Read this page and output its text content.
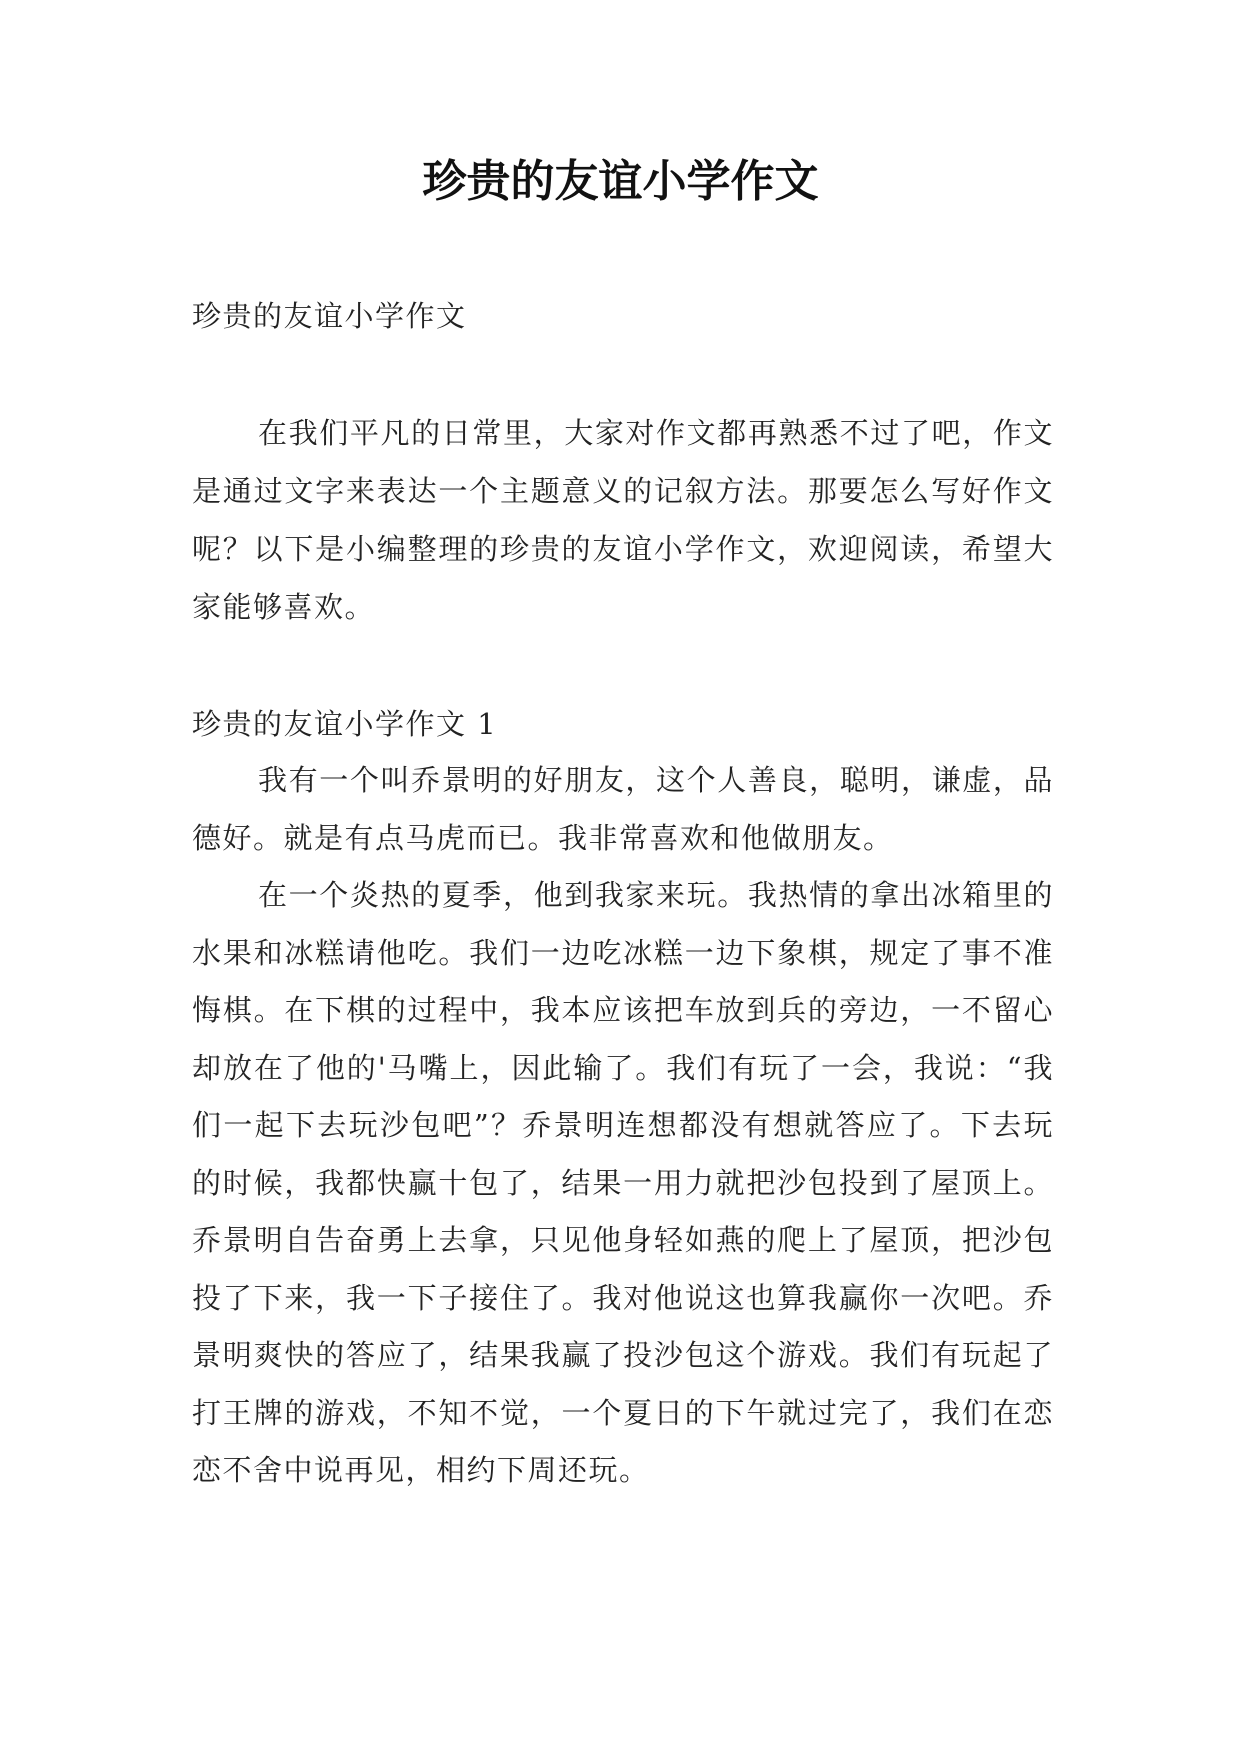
珍贵的友谊小学作文

珍贵的友谊小学作文

在我们平凡的日常里，大家对作文都再熟悉不过了吧，作文是通过文字来表达一个主题意义的记叙方法。那要怎么写好作文呢？以下是小编整理的珍贵的友谊小学作文，欢迎阅读，希望大家能够喜欢。

珍贵的友谊小学作文 1

我有一个叫乔景明的好朋友，这个人善良，聪明，谦虚，品德好。就是有点马虎而已。我非常喜欢和他做朋友。

在一个炎热的夏季，他到我家来玩。我热情的拿出冰箱里的水果和冰糕请他吃。我们一边吃冰糕一边下象棋，规定了事不准悔棋。在下棋的过程中，我本应该把车放到兵的旁边，一不留心却放在了他的'马嘴上，因此输了。我们有玩了一会，我说：“我们一起下去玩沙包吧”？乔景明连想都没有想就答应了。下去玩的时候，我都快赢十包了，结果一用力就把沙包投到了屋顶上。乔景明自告奋勇上去拿，只见他身轻如燕的爬上了屋顶，把沙包投了下来，我一下子接住了。我对他说这也算我赢你一次吧。乔景明爽快的答应了，结果我赢了投沙包这个游戏。我们有玩起了打王牌的游戏，不知不觉，一个夏日的下午就过完了，我们在恋恋不舍中说再见，相约下周还玩。
